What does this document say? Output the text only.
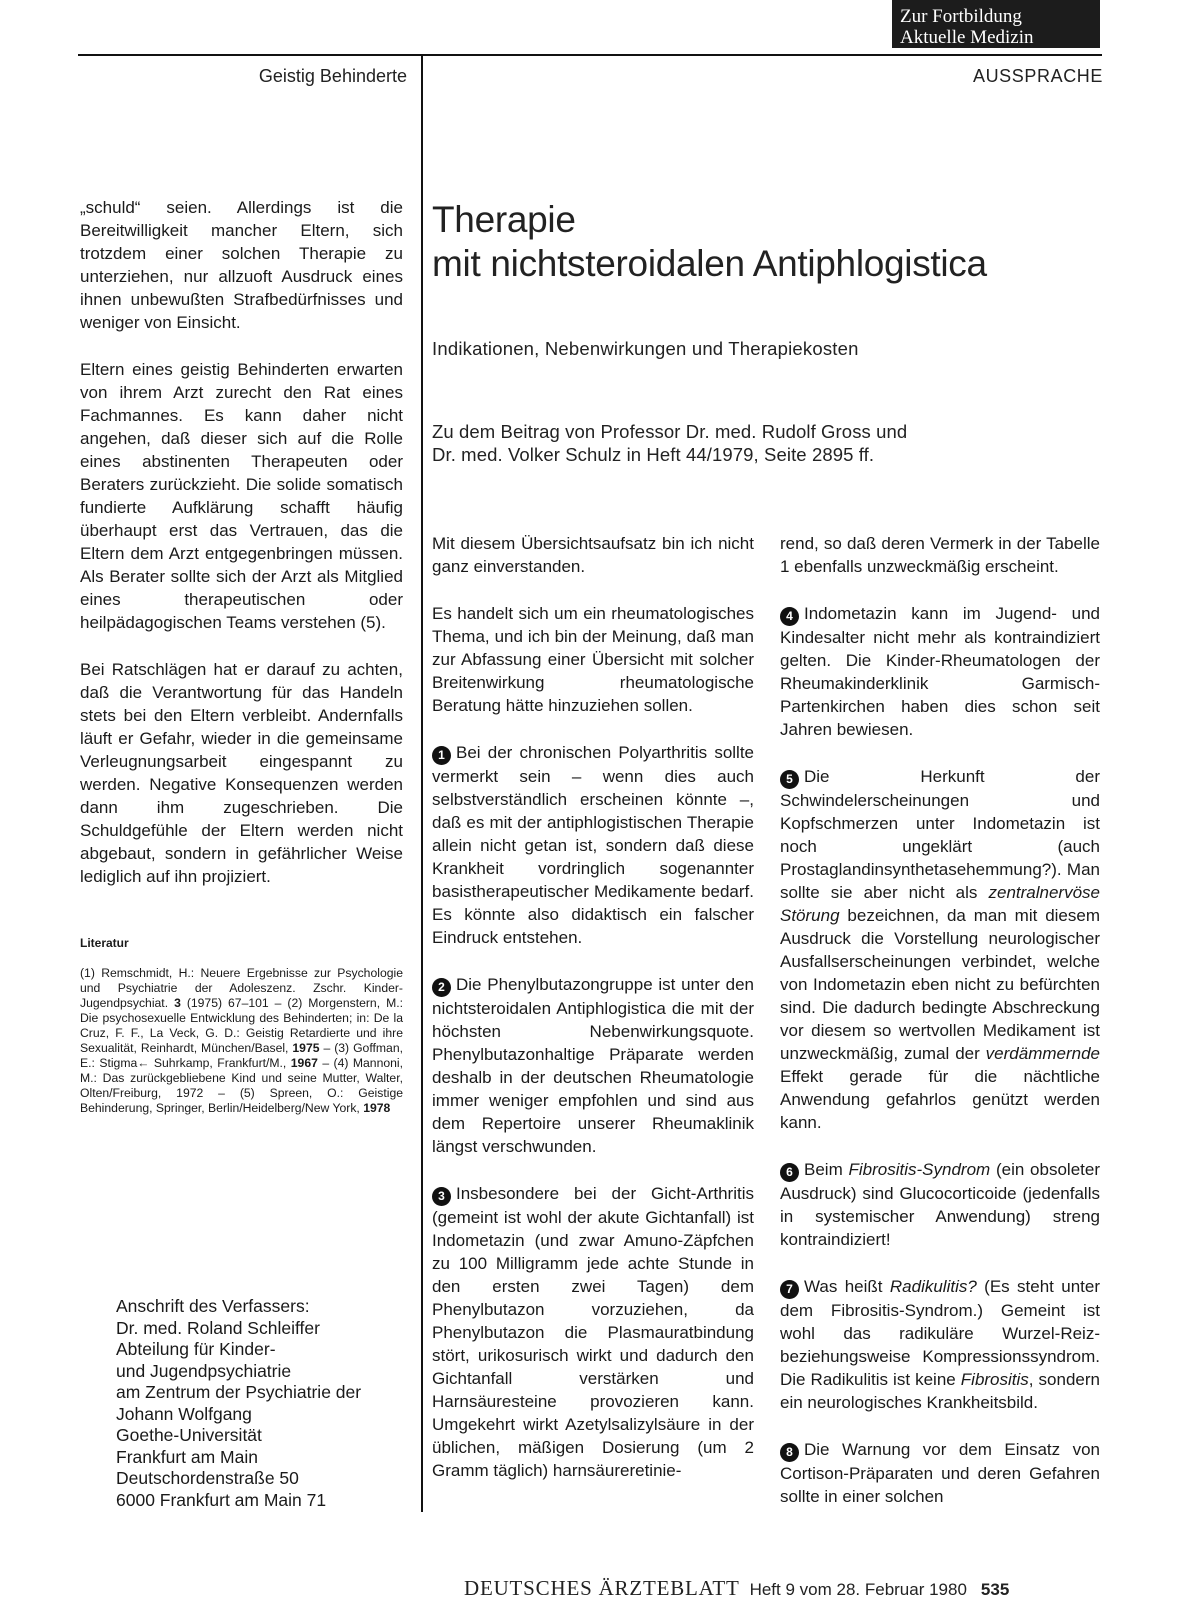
Zur Fortbildung
Aktuelle Medizin
Geistig Behinderte	AUSSPRACHE

„schuld“ seien. Allerdings ist die Bereitwilligkeit mancher Eltern, sich trotzdem einer solchen Therapie zu unterziehen, nur allzuoft Ausdruck eines ihnen unbewußten Strafbedürfnisses und weniger von Einsicht.

Eltern eines geistig Behinderten erwarten von ihrem Arzt zurecht den Rat eines Fachmannes. Es kann daher nicht angehen, daß dieser sich auf die Rolle eines abstinenten Therapeuten oder Beraters zurückzieht. Die solide somatisch fundierte Aufklärung schafft häufig überhaupt erst das Vertrauen, das die Eltern dem Arzt entgegenbringen müssen. Als Berater sollte sich der Arzt als Mitglied eines therapeutischen oder heilpädagogischen Teams verstehen (5).

Bei Ratschlägen hat er darauf zu achten, daß die Verantwortung für das Handeln stets bei den Eltern verbleibt. Andernfalls läuft er Gefahr, wieder in die gemeinsame Verleugnungsarbeit eingespannt zu werden. Negative Konsequenzen werden dann ihm zugeschrieben. Die Schuldgefühle der Eltern werden nicht abgebaut, sondern in gefährlicher Weise lediglich auf ihn projiziert.

Literatur
(1) Remschmidt, H.: Neuere Ergebnisse zur Psychologie und Psychiatrie der Adoleszenz. Zschr. Kinder-Jugendpsychiat. 3 (1975) 67–101 – (2) Morgenstern, M.: Die psychosexuelle Entwicklung des Behinderten; in: De la Cruz, F. F., La Veck, G. D.: Geistig Retardierte und ihre Sexualität, Reinhardt, München/Basel, 1975 – (3) Goffman, E.: Stigma← Suhrkamp, Frankfurt/M., 1967 – (4) Mannoni, M.: Das zurückgebliebene Kind und seine Mutter, Walter, Olten/Freiburg, 1972 – (5) Spreen, O.: Geistige Behinderung, Springer, Berlin/Heidelberg/New York, 1978
Anschrift des Verfassers:
Dr. med. Roland Schleiffer
Abteilung für Kinder-
und Jugendpsychiatrie
am Zentrum der Psychiatrie der
Johann Wolfgang
Goethe-Universität
Frankfurt am Main
Deutschordenstraße 50
6000 Frankfurt am Main 71
Therapie
mit nichtsteroidalen Antiphlogistica
Indikationen, Nebenwirkungen und Therapiekosten
Zu dem Beitrag von Professor Dr. med. Rudolf Gross und
Dr. med. Volker Schulz in Heft 44/1979, Seite 2895 ff.

Mit diesem Übersichtsaufsatz bin ich nicht ganz einverstanden.

Es handelt sich um ein rheumatologisches Thema, und ich bin der Meinung, daß man zur Abfassung einer Übersicht mit solcher Breitenwirkung rheumatologische Beratung hätte hinzuziehen sollen.

1 Bei der chronischen Polyarthritis sollte vermerkt sein – wenn dies auch selbstverständlich erscheinen könnte –, daß es mit der antiphlogistischen Therapie allein nicht getan ist, sondern daß diese Krankheit vordringlich sogenannter basistherapeutischer Medikamente bedarf. Es könnte also didaktisch ein falscher Eindruck entstehen.

2 Die Phenylbutazongruppe ist unter den nichtsteroidalen Antiphlogistica die mit der höchsten Nebenwirkungsquote. Phenylbutazonhaltige Präparate werden deshalb in der deutschen Rheumatologie immer weniger empfohlen und sind aus dem Repertoire unserer Rheumaklinik längst verschwunden.

3 Insbesondere bei der Gicht-Arthritis (gemeint ist wohl der akute Gichtanfall) ist Indometazin (und zwar Amuno-Zäpfchen zu 100 Milligramm jede achte Stunde in den ersten zwei Tagen) dem Phenylbutazon vorzuziehen, da Phenylbutazon die Plasmauratbindung stört, urikosurisch wirkt und dadurch den Gichtanfall verstärken und Harnsäuresteine provozieren kann. Umgekehrt wirkt Azetylsalizylsäure in der üblichen, mäßigen Dosierung (um 2 Gramm täglich) harnsäureretinie-

rend, so daß deren Vermerk in der Tabelle 1 ebenfalls unzweckmäßig erscheint.

4 Indometazin kann im Jugend- und Kindesalter nicht mehr als kontraindiziert gelten. Die Kinder-Rheumatologen der Rheumakinderklinik Garmisch-Partenkirchen haben dies schon seit Jahren bewiesen.

5 Die Herkunft der Schwindelerscheinungen und Kopfschmerzen unter Indometazin ist noch ungeklärt (auch Prostaglandinsynthetasehemmung?). Man sollte sie aber nicht als zentralnervöse Störung bezeichnen, da man mit diesem Ausdruck die Vorstellung neurologischer Ausfallserscheinungen verbindet, welche von Indometazin eben nicht zu befürchten sind. Die dadurch bedingte Abschreckung vor diesem so wertvollen Medikament ist unzweckmäßig, zumal der verdämmernde Effekt gerade für die nächtliche Anwendung gefahrlos genützt werden kann.

6 Beim Fibrositis-Syndrom (ein obsoleter Ausdruck) sind Glucocorticoide (jedenfalls in systemischer Anwendung) streng kontraindiziert!

7 Was heißt Radikulitis? (Es steht unter dem Fibrositis-Syndrom.) Gemeint ist wohl das radikuläre Wurzel-Reiz- beziehungsweise Kompressionssyndrom. Die Radikulitis ist keine Fibrositis, sondern ein neurologisches Krankheitsbild.

8 Die Warnung vor dem Einsatz von Cortison-Präparaten und deren Gefahren sollte in einer solchen

DEUTSCHES ÄRZTEBLATT Heft 9 vom 28. Februar 1980 535
